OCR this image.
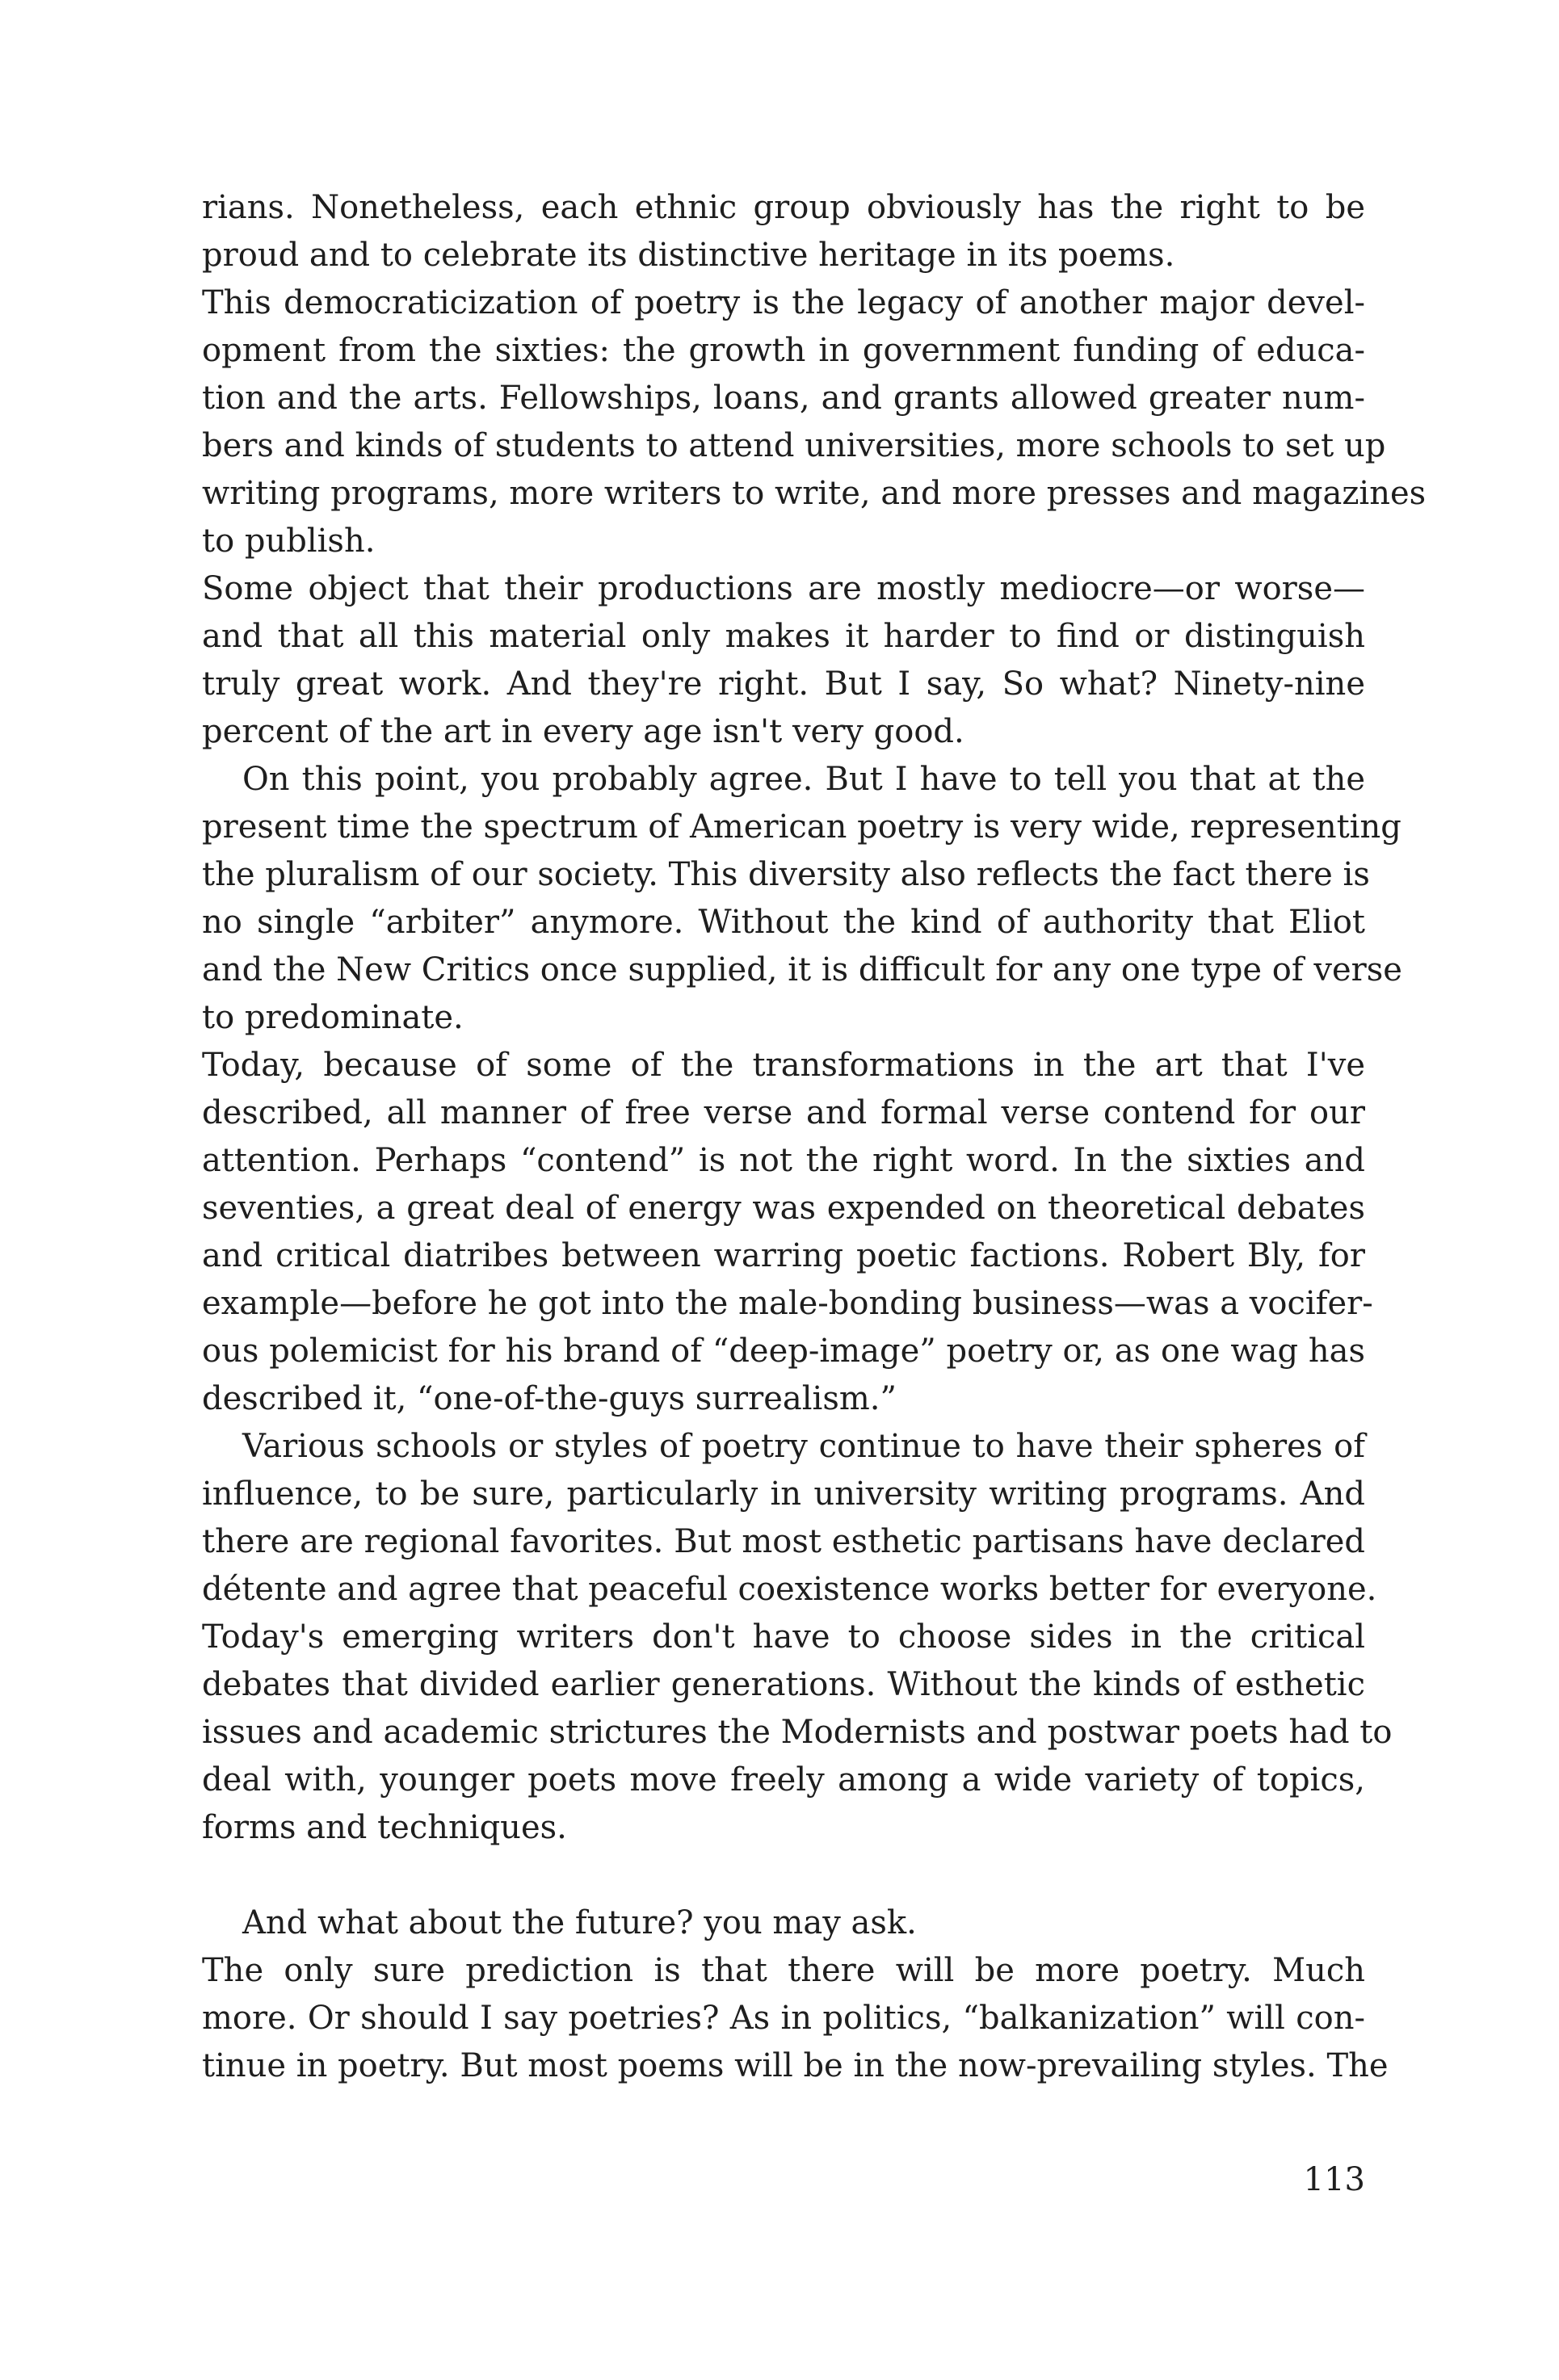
rians. Nonetheless, each ethnic group obviously has the right to be

proud and to celebrate its distinctive heritage in its poems.

This democraticization of poetry is the legacy of another major devel-

opment from the sixties: the growth in government funding of educa-

tion and the arts. Fellowships, loans, and grants allowed greater num-

bers and kinds of students to attend universities, more schools to set up

writing programs, more writers to write, and more presses and magazines

to publish.

Some object that their productions are mostly mediocre—or worse—

and that all this material only makes it harder to find or distinguish

truly great work. And they're right. But I say, So what? Ninety-nine

percent of the art in every age isn't very good.

On this point, you probably agree. But I have to tell you that at the

present time the spectrum of American poetry is very wide, representing

the pluralism of our society. This diversity also reflects the fact there is

no single “arbiter” anymore. Without the kind of authority that Eliot

and the New Critics once supplied, it is difficult for any one type of verse

to predominate.

Today, because of some of the transformations in the art that I've

described, all manner of free verse and formal verse contend for our

attention. Perhaps “contend” is not the right word. In the sixties and

seventies, a great deal of energy was expended on theoretical debates

and critical diatribes between warring poetic factions. Robert Bly, for

example—before he got into the male-bonding business—was a vocifer-

ous polemicist for his brand of “deep-image” poetry or, as one wag has

described it, “one-of-the-guys surrealism.”

Various schools or styles of poetry continue to have their spheres of

influence, to be sure, particularly in university writing programs. And

there are regional favorites. But most esthetic partisans have declared

détente and agree that peaceful coexistence works better for everyone.

Today's emerging writers don't have to choose sides in the critical

debates that divided earlier generations. Without the kinds of esthetic

issues and academic strictures the Modernists and postwar poets had to

deal with, younger poets move freely among a wide variety of topics,

forms and techniques.

And what about the future? you may ask.

The only sure prediction is that there will be more poetry. Much

more. Or should I say poetries? As in politics, “balkanization” will con-

tinue in poetry. But most poems will be in the now-prevailing styles. The

113
